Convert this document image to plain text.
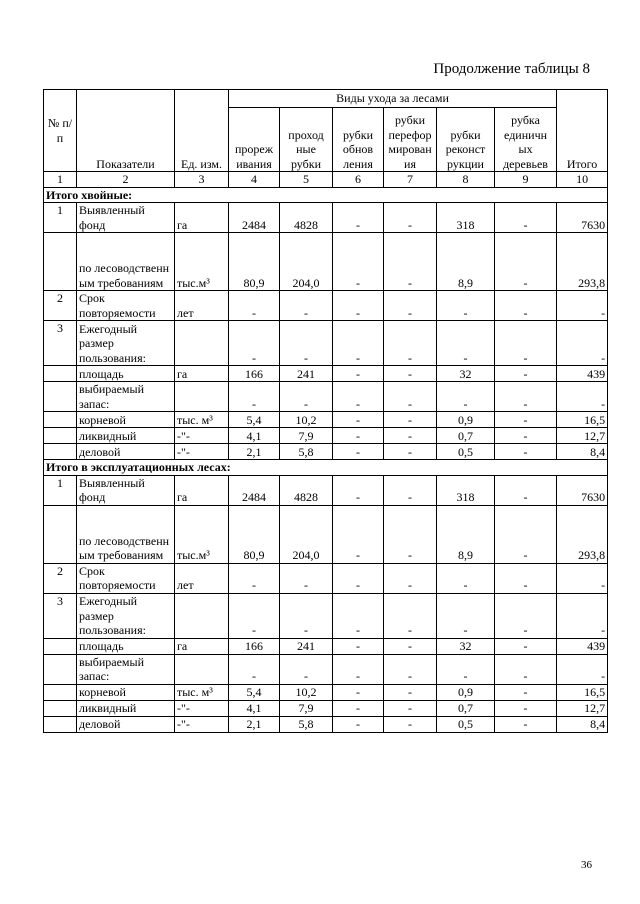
Продолжение таблицы 8
№ п/п	Показатели	Ед. изм.	Виды ухода за лесами						Итого
			прореж ивания	проход ные рубки	рубки обнов ления	рубки перефор мирован ия	рубки реконст рукции	рубка единичн ых деревьев	
1	2	3	4	5	6	7	8	9	10
Итого хвойные:									
1	Выявленный фонд	га	2484	4828	-	-	318	-	7630
	по лесоводственн ым требованиям	тыс.м³	80,9	204,0	-	-	8,9	-	293,8
2	Срок повторяемости	лет	-	-	-	-	-	-	-
3	Ежегодный размер пользования:		-	-	-	-	-	-	-
	площадь	га	166	241	-	-	32	-	439
	выбираемый запас:		-	-	-	-	-	-	-
	корневой	тыс. м³	5,4	10,2	-	-	0,9	-	16,5
	ликвидный	-"-	4,1	7,9	-	-	0,7	-	12,7
	деловой	-"-	2,1	5,8	-	-	0,5	-	8,4
Итого в эксплуатационных лесах:									
1	Выявленный фонд	га	2484	4828	-	-	318	-	7630
	по лесоводственн ым требованиям	тыс.м³	80,9	204,0	-	-	8,9	-	293,8
2	Срок повторяемости	лет	-	-	-	-	-	-	-
3	Ежегодный размер пользования:		-	-	-	-	-	-	-
	площадь	га	166	241	-	-	32	-	439
	выбираемый запас:		-	-	-	-	-	-	-
	корневой	тыс. м³	5,4	10,2	-	-	0,9	-	16,5
	ликвидный	-"-	4,1	7,9	-	-	0,7	-	12,7
	деловой	-"-	2,1	5,8	-	-	0,5	-	8,4
36
